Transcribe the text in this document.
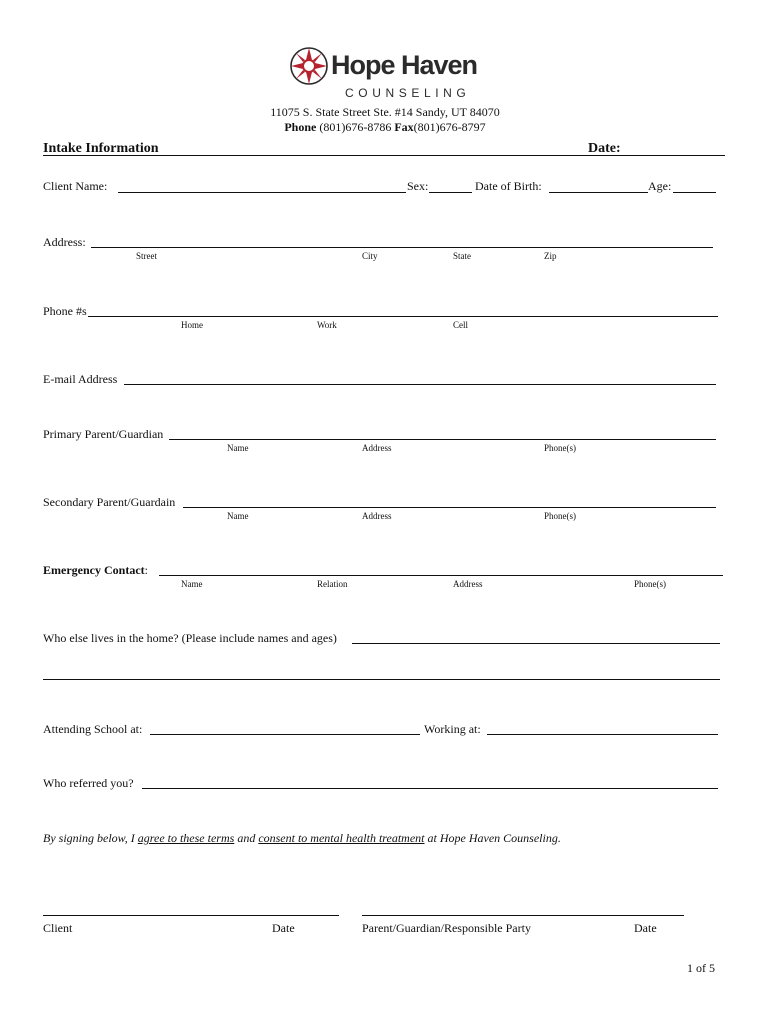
Hope Haven
COUNSELING
11075 S. State Street Ste. #14 Sandy, UT 84070
Phone (801)676-8786 Fax(801)676-8797
Intake Information	Date:
Client Name:	Sex:	Date of Birth:	Age:
Address:
Street	City	State	Zip
Phone #s
Home	Work	Cell
E-mail Address
Primary Parent/Guardian
Name	Address	Phone(s)
Secondary Parent/Guardain
Name	Address	Phone(s)
Emergency Contact:
Name	Relation	Address	Phone(s)
Who else lives in the home? (Please include names and ages)
Attending School at:	Working at:
Who referred you?
By signing below, I agree to these terms and consent to mental health treatment at Hope Haven Counseling.
Client	Date	Parent/Guardian/Responsible Party	Date
1 of 5
